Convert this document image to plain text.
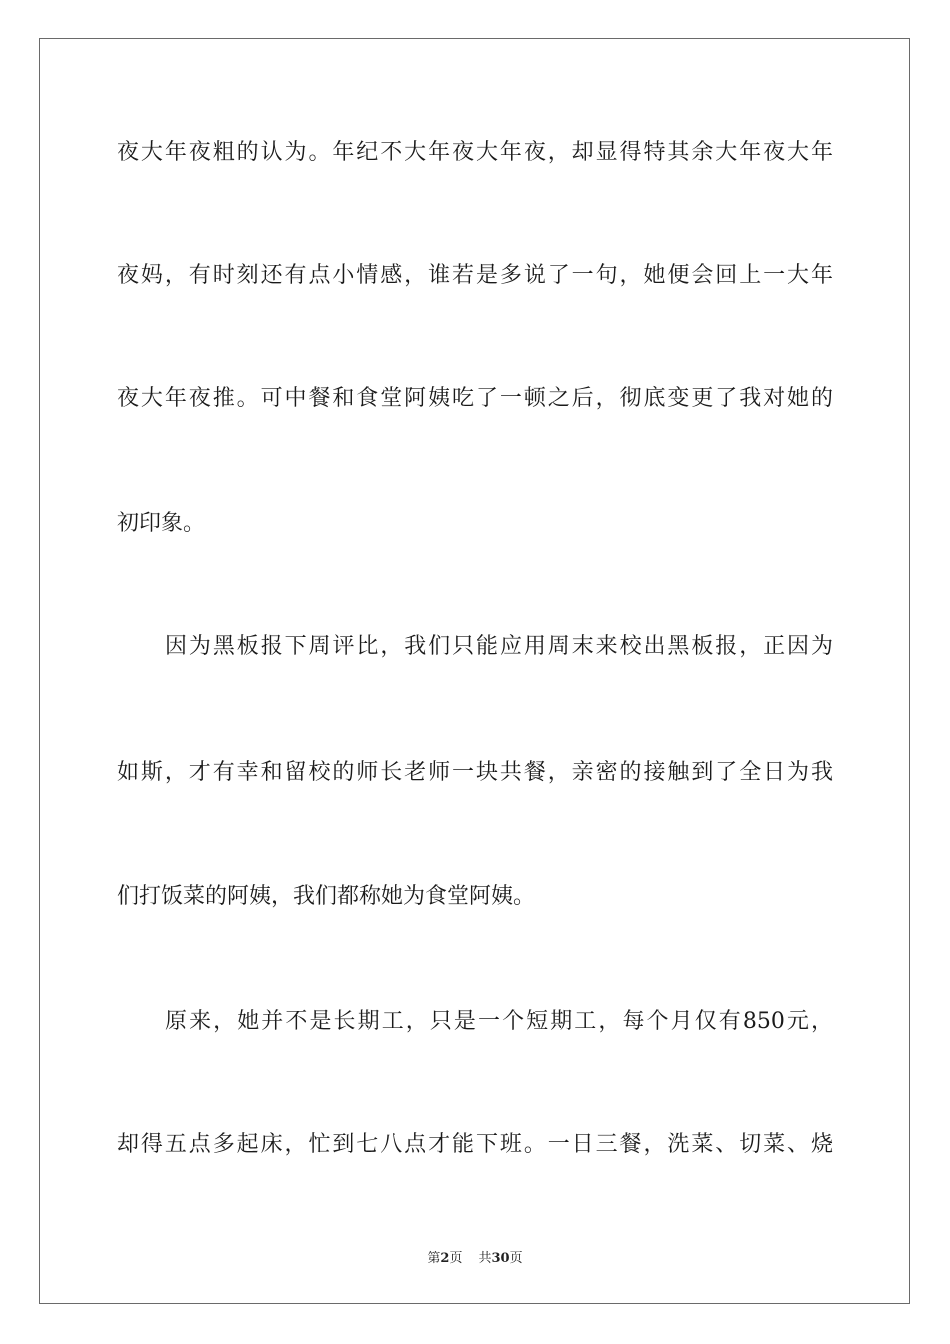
夜大年夜粗的认为。年纪不大年夜大年夜，却显得特其余大年夜大年
夜妈，有时刻还有点小情感，谁若是多说了一句，她便会回上一大年
夜大年夜推。可中餐和食堂阿姨吃了一顿之后，彻底变更了我对她的
初印象。
因为黑板报下周评比，我们只能应用周末来校出黑板报，正因为
如斯，才有幸和留校的师长老师一块共餐，亲密的接触到了全日为我
们打饭菜的阿姨，我们都称她为食堂阿姨。
原来，她并不是长期工，只是一个短期工，每个月仅有850元，
却得五点多起床，忙到七八点才能下班。一日三餐，洗菜、切菜、烧
第2页 共30页
